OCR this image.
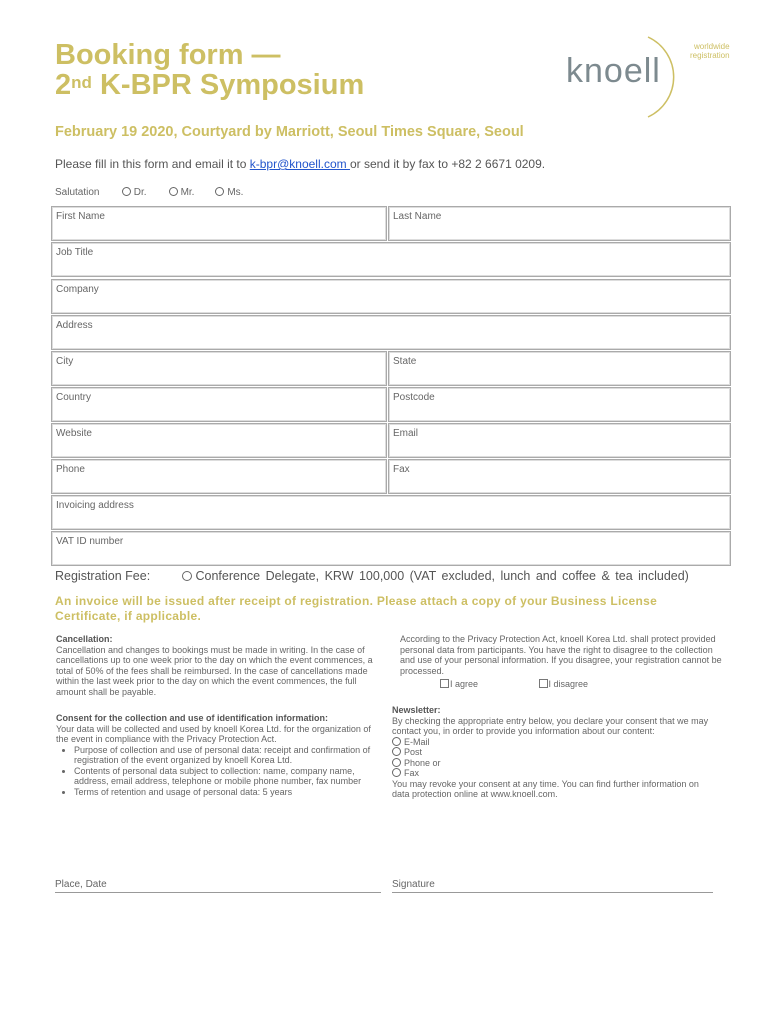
Booking form —
2nd K-BPR Symposium
worldwide
registration
knoell
February 19 2020, Courtyard by Marriott, Seoul Times Square, Seoul
Please fill in this form and email it to k-bpr@knoell.com or send it by fax to +82 2 6671 0209.
Salutation	Dr.	Mr.	Ms.
First Name	Last Name
Job Title
Company
Address
City	State
Country	Postcode
Website	Email
Phone	Fax
Invoicing address
VAT ID number
Registration Fee:	Conference Delegate, KRW 100,000 (VAT excluded, lunch and coffee & tea included)
An invoice will be issued after receipt of registration. Please attach a copy of your Business License Certificate, if applicable.
Cancellation:
Cancellation and changes to bookings must be made in writing. In the case of cancellations up to one week prior to the day on which the event commences, a total of 50% of the fees shall be reimbursed. In the case of cancellations made within the last week prior to the day on which the event commences, the full amount shall be payable.
Consent for the collection and use of identification information:
Your data will be collected and used by knoell Korea Ltd. for the organization of the event in compliance with the Privacy Protection Act.
• Purpose of collection and use of personal data: receipt and confirmation of registration of the event organized by knoell Korea Ltd.
• Contents of personal data subject to collection: name, company name, address, email address, telephone or mobile phone number, fax number
• Terms of retention and usage of personal data: 5 years
According to the Privacy Protection Act, knoell Korea Ltd. shall protect provided personal data from participants. You have the right to disagree to the collection and use of your personal information. If you disagree, your registration cannot be processed.
I agree	I disagree
Newsletter:
By checking the appropriate entry below, you declare your consent that we may contact you, in order to provide you information about our content:
E-Mail
Post
Phone or
Fax
You may revoke your consent at any time. You can find further information on data protection online at www.knoell.com.
Place, Date	Signature
